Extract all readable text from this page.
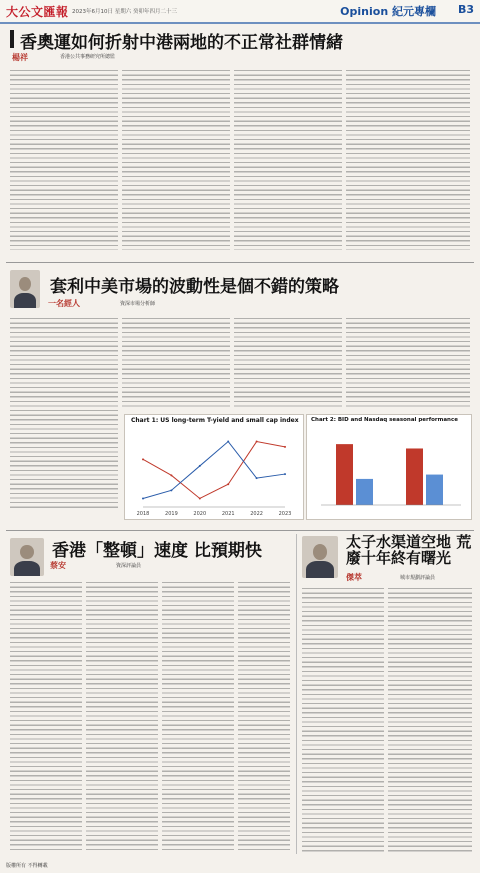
大公文匯報 2023年6月10日 星期六 癸卯年四月二十三	Opinion 紀元專欄 B3
香奧運如何折射中港兩地的不正常社群情緒
楊祥	香港公共事務研究所總監
套利中美市場的波動性是個不錯的策略
一名經人	資深市場分析師
Chart 1: US long-term T-yield and small cap index
2018	2019	2020	2021	2022	2023
Chart 2: BID and Nasdaq seasonal performance
香港「整頓」速度 比預期快
蔡安	資深評論員
太子水渠道空地 荒廢十年終有曙光
傑萃	城市規劃評論員
版權所有 不得轉載
